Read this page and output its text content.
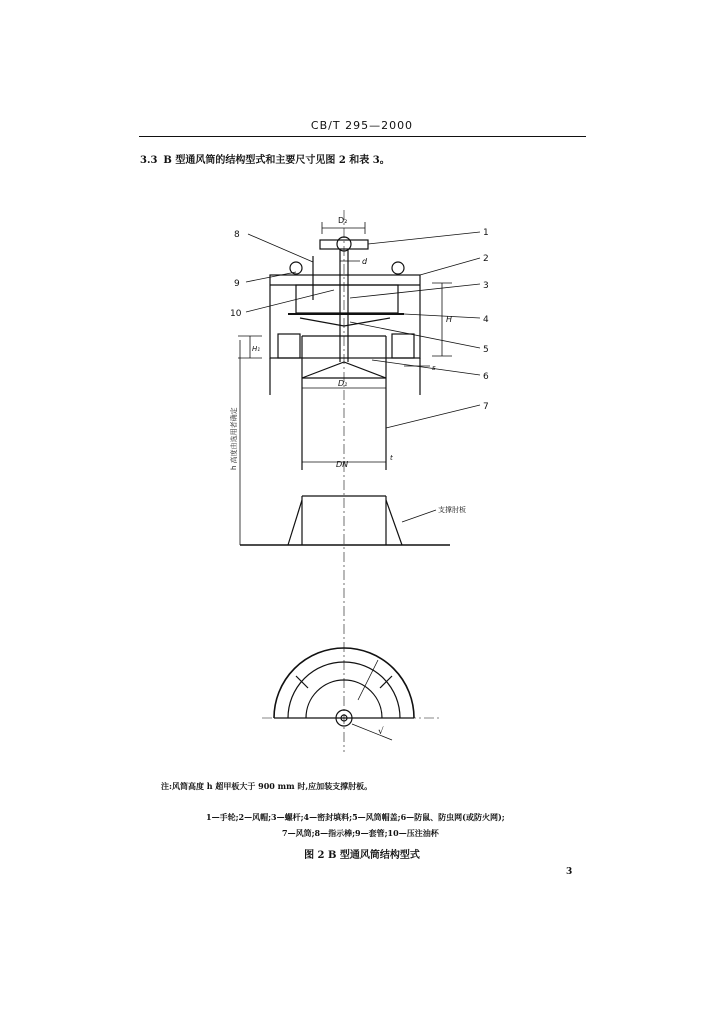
CB/T 295—2000
3.3 B 型通风筒的结构型式和主要尺寸见图 2 和表 3。
1
2
3
4
5
6
7
8
9
10
D₂
d
H
H₁
s
D₁
DN
t
√
h 高度由选用者确定
支撑肘板
注:风筒高度 h 超甲板大于 900 mm 时,应加装支撑肘板。
1—手轮;2—风帽;3—螺杆;4—密封填料;5—风筒帽盖;6—防鼠、防虫网(或防火网);
7—风筒;8—指示棒;9—套管;10—压注油杯
图 2 B 型通风筒结构型式
3
